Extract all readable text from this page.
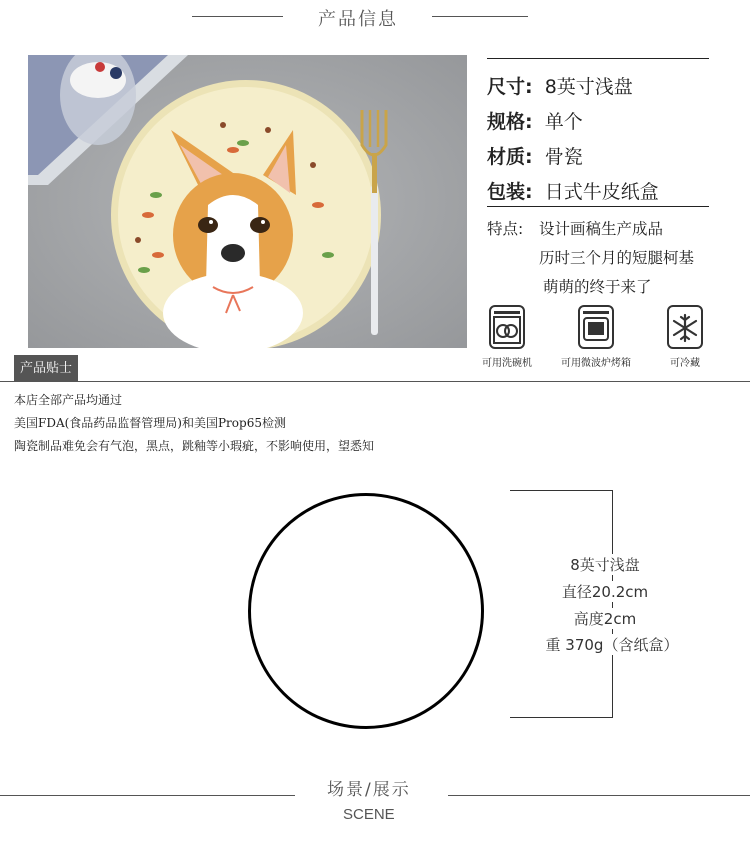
产品信息
尺寸: 8英寸浅盘
规格: 单个
材质: 骨瓷
包装: 日式牛皮纸盒
特点: 设计画稿生产成品
历时三个月的短腿柯基
萌萌的终于来了
可用洗碗机	可用微波炉烤箱	可冷藏
产品贴士
本店全部产品均通过
美国FDA(食品药品监督管理局)和美国Prop65检测
陶瓷制品难免会有气泡，黑点，跳釉等小瑕疵，不影响使用，望悉知
8英寸浅盘
直径20.2cm
高度2cm
重 370g（含纸盒）
场景/展示
SCENE
